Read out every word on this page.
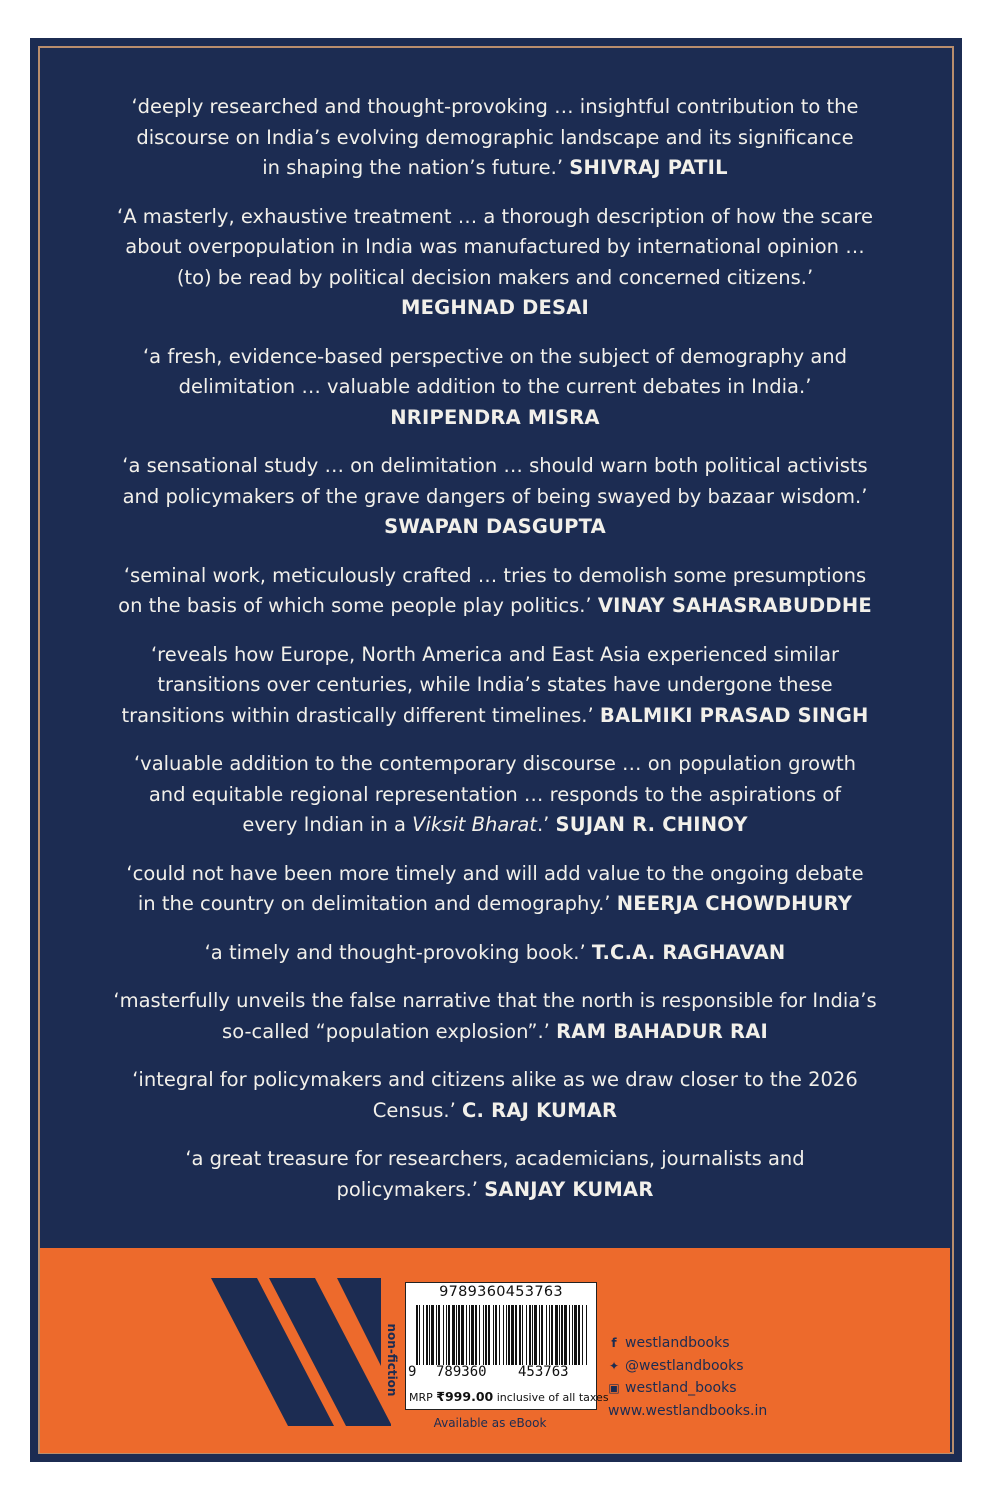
‘deeply researched and thought-provoking … insightful contribution to the
discourse on India’s evolving demographic landscape and its significance
in shaping the nation’s future.’ SHIVRAJ PATIL
‘A masterly, exhaustive treatment … a thorough description of how the scare
about overpopulation in India was manufactured by international opinion …
(to) be read by political decision makers and concerned citizens.’
MEGHNAD DESAI
‘a fresh, evidence-based perspective on the subject of demography and
delimitation … valuable addition to the current debates in India.’
NRIPENDRA MISRA
‘a sensational study … on delimitation … should warn both political activists
and policymakers of the grave dangers of being swayed by bazaar wisdom.’
SWAPAN DASGUPTA
‘seminal work, meticulously crafted … tries to demolish some presumptions
on the basis of which some people play politics.’ VINAY SAHASRABUDDHE
‘reveals how Europe, North America and East Asia experienced similar
transitions over centuries, while India’s states have undergone these
transitions within drastically different timelines.’ BALMIKI PRASAD SINGH
‘valuable addition to the contemporary discourse … on population growth
and equitable regional representation … responds to the aspirations of
every Indian in a Viksit Bharat.’ SUJAN R. CHINOY
‘could not have been more timely and will add value to the ongoing debate
in the country on delimitation and demography.’ NEERJA CHOWDHURY
‘a timely and thought-provoking book.’ T.C.A. RAGHAVAN
‘masterfully unveils the false narrative that the north is responsible for India’s
so-called “population explosion”.’ RAM BAHADUR RAI
‘integral for policymakers and citizens alike as we draw closer to the 2026
Census.’ C. RAJ KUMAR
‘a great treasure for researchers, academicians, journalists and
policymakers.’ SANJAY KUMAR
non-fiction
9789360453763
9 789360 453763
MRP ₹999.00 inclusive of all taxes
Available as eBook
f westlandbooks
✦ @westlandbooks
▣ westland_books
www.westlandbooks.in
